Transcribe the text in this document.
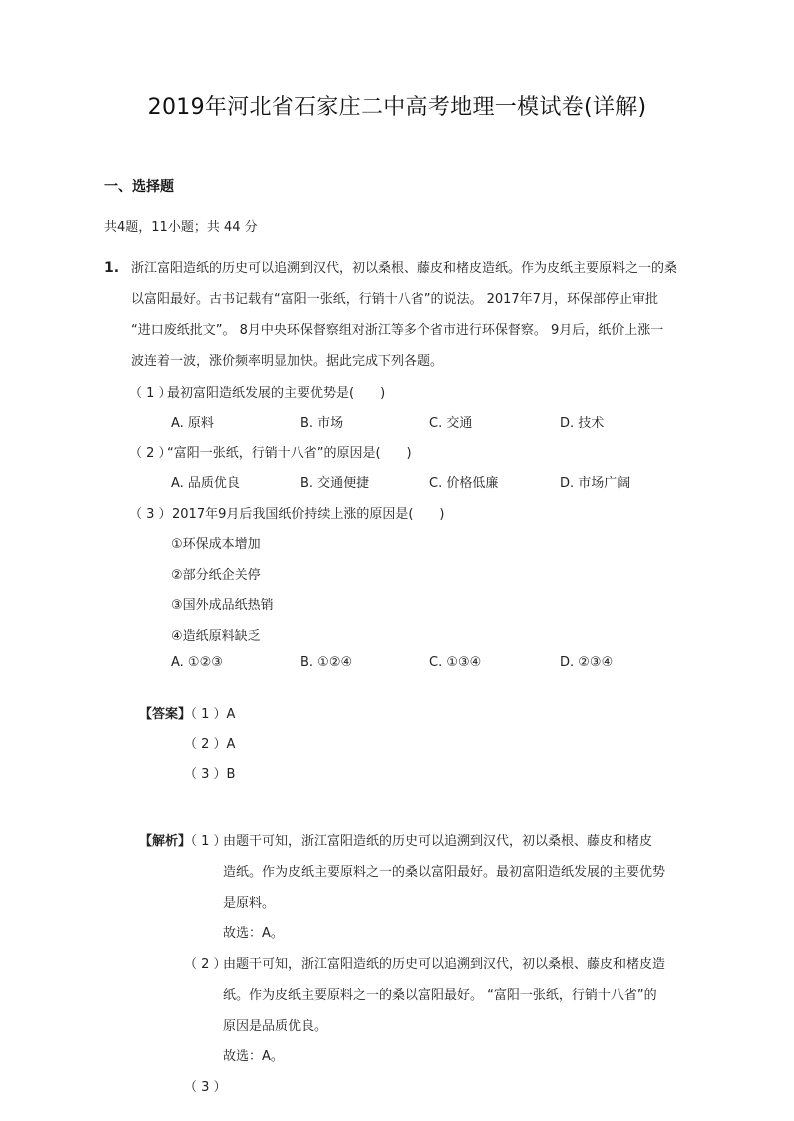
2019年河北省石家庄二中高考地理一模试卷(详解)
一、选择题
共4题，11小题；共 44 分
1. 浙江富阳造纸的历史可以追溯到汉代，初以桑根、藤皮和楮皮造纸。作为皮纸主要原料之一的桑
以富阳最好。古书记载有“富阳一张纸，行销十八省”的说法。 2017年7月，环保部停止审批
“进口废纸批文”。 8月中央环保督察组对浙江等多个省市进行环保督察。 9月后，纸价上涨一
波连着一波，涨价频率明显加快。据此完成下列各题。
（ 1 ）
最初富阳造纸发展的主要优势是(　　)
A. 原料	B. 市场	C. 交通	D. 技术
（ 2 ）
“富阳一张纸，行销十八省”的原因是(　　)
A. 品质优良	B. 交通便捷	C. 价格低廉	D. 市场广阔
（ 3 ） 2017年9月后我国纸价持续上涨的原因是(　　)
①环保成本增加
②部分纸企关停
③国外成品纸热销
④造纸原料缺乏
A. ①②③	B. ①②④	C. ①③④	D. ②③④
【答案】
（ 1 ）A
（ 2 ）A
（ 3 ）B
【解析】
（ 1 ）
由题干可知，浙江富阳造纸的历史可以追溯到汉代，初以桑根、藤皮和楮皮
造纸。作为皮纸主要原料之一的桑以富阳最好。最初富阳造纸发展的主要优势
是原料。
故选：A。
（ 2 ）
由题干可知，浙江富阳造纸的历史可以追溯到汉代，初以桑根、藤皮和楮皮造
纸。作为皮纸主要原料之一的桑以富阳最好。 “富阳一张纸，行销十八省”的
原因是品质优良。
故选：A。
（ 3 ）
